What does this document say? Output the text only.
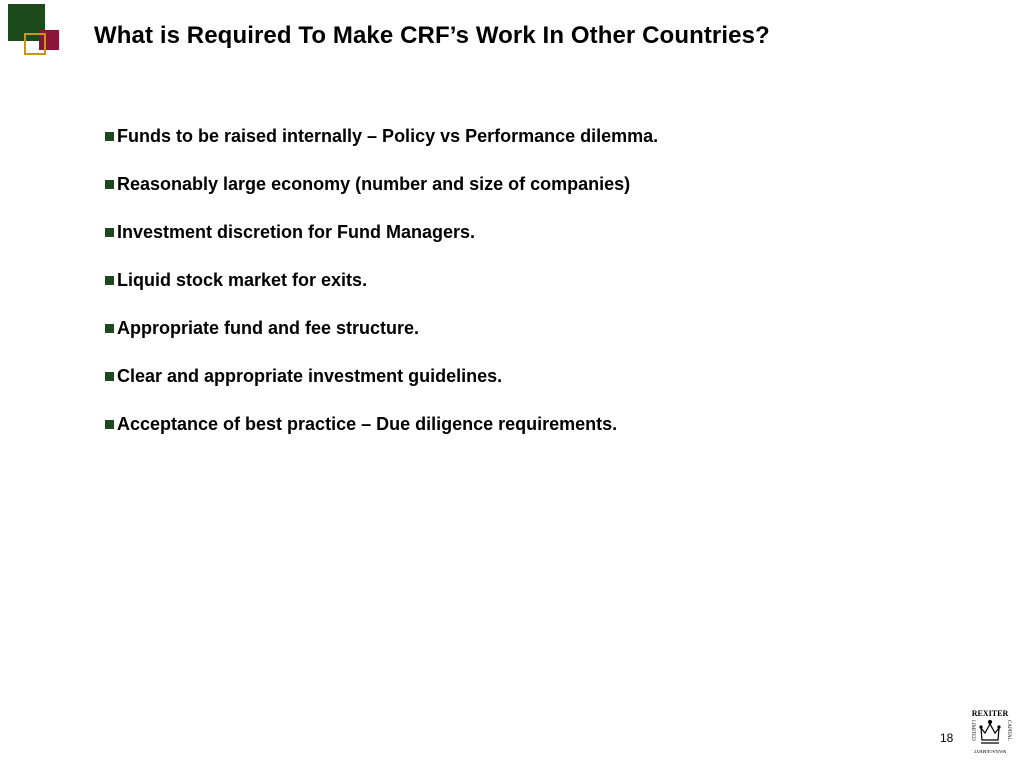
What is Required To Make CRF’s Work In Other Countries?
Funds to be raised internally – Policy vs Performance dilemma.
Reasonably large economy (number and size of companies)
Investment discretion for Fund Managers.
Liquid stock market for exits.
Appropriate fund and fee structure.
Clear and appropriate investment guidelines.
Acceptance of best practice – Due diligence requirements.
18
REXITER
LIMITED	CAPITAL
MANAGEMENT
